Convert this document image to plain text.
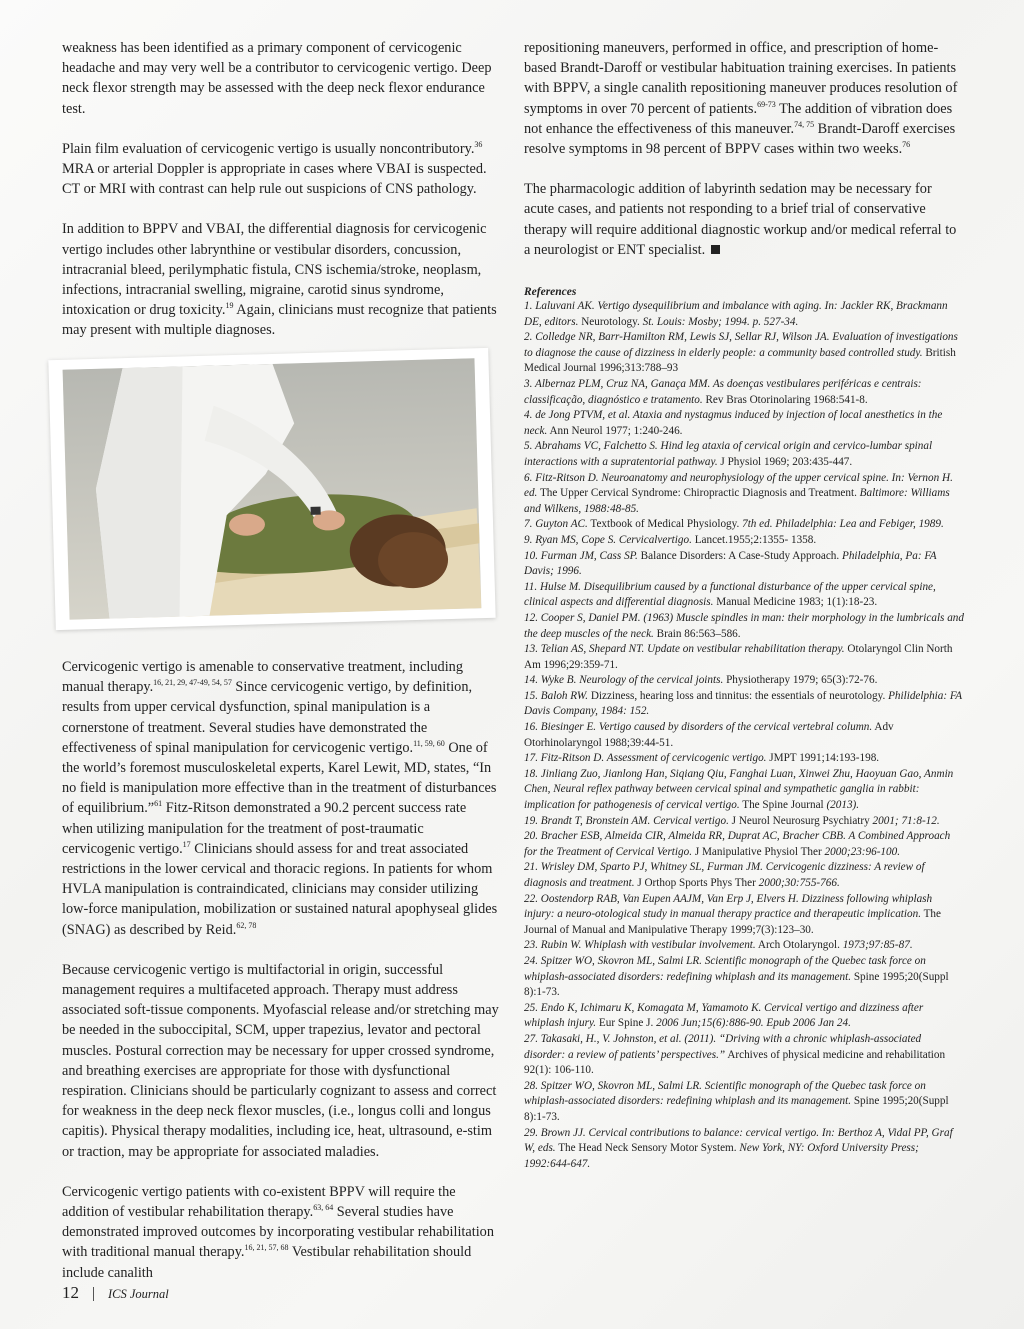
weakness has been identified as a primary component of cervicogenic headache and may very well be a contributor to cervicogenic vertigo. Deep neck flexor strength may be assessed with the deep neck flexor endurance test.

Plain film evaluation of cervicogenic vertigo is usually noncontributory.$^{36}$ MRA or arterial Doppler is appropriate in cases where VBAI is suspected. CT or MRI with contrast can help rule out suspicions of CNS pathology.

In addition to BPPV and VBAI, the differential diagnosis for cervicogenic vertigo includes other labrynthine or vestibular disorders, concussion, intracranial bleed, perilymphatic fistula, CNS ischemia/stroke, neoplasm, infections, intracranial swelling, migraine, carotid sinus syndrome, intoxication or drug toxicity.$^{19}$ Again, clinicians must recognize that patients may present with multiple diagnoses.

Cervicogenic vertigo is amenable to conservative treatment, including manual therapy.$^{16, 21, 29, 47-49, 54, 57}$ Since cervicogenic vertigo, by definition, results from upper cervical dysfunction, spinal manipulation is a cornerstone of treatment. Several studies have demonstrated the effectiveness of spinal manipulation for cervicogenic vertigo.$^{11, 59, 60}$ One of the world’s foremost musculoskeletal experts, Karel Lewit, MD, states, “In no field is manipulation more effective than in the treatment of disturbances of equilibrium.”$^{61}$ Fitz-Ritson demonstrated a 90.2 percent success rate when utilizing manipulation for the treatment of post-traumatic cervicogenic vertigo.$^{17}$ Clinicians should assess for and treat associated restrictions in the lower cervical and thoracic regions. In patients for whom HVLA manipulation is contraindicated, clinicians may consider utilizing low-force manipulation, mobilization or sustained natural apophyseal glides (SNAG) as described by Reid.$^{62, 78}$

Because cervicogenic vertigo is multifactorial in origin, successful management requires a multifaceted approach. Therapy must address associated soft-tissue components. Myofascial release and/or stretching may be needed in the suboccipital, SCM, upper trapezius, levator and pectoral muscles. Postural correction may be necessary for upper crossed syndrome, and breathing exercises are appropriate for those with dysfunctional respiration. Clinicians should be particularly cognizant to assess and correct for weakness in the deep neck flexor muscles, (i.e., longus colli and longus capitis). Physical therapy modalities, including ice, heat, ultrasound, e-stim or traction, may be appropriate for associated maladies.

Cervicogenic vertigo patients with co-existent BPPV will require the addition of vestibular rehabilitation therapy.$^{63, 64}$ Several studies have demonstrated improved outcomes by incorporating vestibular rehabilitation with traditional manual therapy.$^{16, 21, 57, 68}$ Vestibular rehabilitation should include canalith

repositioning maneuvers, performed in office, and prescription of home-based Brandt-Daroff or vestibular habituation training exercises. In patients with BPPV, a single canalith repositioning maneuver produces resolution of symptoms in over 70 percent of patients.$^{69-73}$ The addition of vibration does not enhance the effectiveness of this maneuver.$^{74, 75}$ Brandt-Daroff exercises resolve symptoms in 98 percent of BPPV cases within two weeks.$^{76}$

The pharmacologic addition of labyrinth sedation may be necessary for acute cases, and patients not responding to a brief trial of conservative therapy will require additional diagnostic workup and/or medical referral to a neurologist or ENT specialist.

References

1. Laluvani AK. Vertigo dysequilibrium and imbalance with aging. In: Jackler RK, Brackmann DE, editors. Neurotology. St. Louis: Mosby; 1994. p. 527-34.

2. Colledge NR, Barr-Hamilton RM, Lewis SJ, Sellar RJ, Wilson JA. Evaluation of investigations to diagnose the cause of dizziness in elderly people: a community based controlled study. British Medical Journal 1996;313:788–93

3. Albernaz PLM, Cruz NA, Ganaça MM. As doenças vestibulares periféricas e centrais: classificação, diagnóstico e tratamento. Rev Bras Otorinolaring 1968:541-8.

4. de Jong PTVM, et al. Ataxia and nystagmus induced by injection of local anesthetics in the neck. Ann Neurol 1977; 1:240-246.

5. Abrahams VC, Falchetto S. Hind leg ataxia of cervical origin and cervico-lumbar spinal interactions with a supratentorial pathway. J Physiol 1969; 203:435-447.

6. Fitz-Ritson D. Neuroanatomy and neurophysiology of the upper cervical spine. In: Vernon H. ed. The Upper Cervical Syndrome: Chiropractic Diagnosis and Treatment. Baltimore: Williams and Wilkens, 1988:48-85.

7. Guyton AC. Textbook of Medical Physiology. 7th ed. Philadelphia: Lea and Febiger, 1989.

9. Ryan MS, Cope S. Cervicalvertigo. Lancet.1955;2:1355- 1358.

10. Furman JM, Cass SP. Balance Disorders: A Case-Study Approach. Philadelphia, Pa: FA Davis; 1996.

11. Hulse M. Disequilibrium caused by a functional disturbance of the upper cervical spine, clinical aspects and differential diagnosis. Manual Medicine 1983; 1(1):18-23.

12. Cooper S, Daniel PM. (1963) Muscle spindles in man: their morphology in the lumbricals and the deep muscles of the neck. Brain 86:563–586.

13. Telian AS, Shepard NT. Update on vestibular rehabilitation therapy. Otolaryngol Clin North Am 1996;29:359-71.

14. Wyke B. Neurology of the cervical joints. Physiotherapy 1979; 65(3):72-76.

15. Baloh RW. Dizziness, hearing loss and tinnitus: the essentials of neurotology. Philidelphia: FA Davis Company, 1984: 152.

16. Biesinger E. Vertigo caused by disorders of the cervical vertebral column. Adv Otorhinolaryngol 1988;39:44-51.

17. Fitz-Ritson D. Assessment of cervicogenic vertigo. JMPT 1991;14:193-198.

18. Jinliang Zuo, Jianlong Han, Siqiang Qiu, Fanghai Luan, Xinwei Zhu, Haoyuan Gao, Anmin Chen, Neural reflex pathway between cervical spinal and sympathetic ganglia in rabbit: implication for pathogenesis of cervical vertigo. The Spine Journal (2013).

19. Brandt T, Bronstein AM. Cervical vertigo. J Neurol Neurosurg Psychiatry 2001; 71:8-12.

20. Bracher ESB, Almeida CIR, Almeida RR, Duprat AC, Bracher CBB. A Combined Approach for the Treatment of Cervical Vertigo. J Manipulative Physiol Ther 2000;23:96-100.

21. Wrisley DM, Sparto PJ, Whitney SL, Furman JM. Cervicogenic dizziness: A review of diagnosis and treatment. J Orthop Sports Phys Ther 2000;30:755-766.

22. Oostendorp RAB, Van Eupen AAJM, Van Erp J, Elvers H. Dizziness following whiplash injury: a neuro-otological study in manual therapy practice and therapeutic implication. The Journal of Manual and Manipulative Therapy 1999;7(3):123–30.

23. Rubin W. Whiplash with vestibular involvement. Arch Otolaryngol. 1973;97:85-87.

24. Spitzer WO, Skovron ML, Salmi LR. Scientific monograph of the Quebec task force on whiplash-associated disorders: redefining whiplash and its management. Spine 1995;20(Suppl 8):1-73.

25. Endo K, Ichimaru K, Komagata M, Yamamoto K. Cervical vertigo and dizziness after whiplash injury. Eur Spine J. 2006 Jun;15(6):886-90. Epub 2006 Jan 24.

27. Takasaki, H., V. Johnston, et al. (2011). “Driving with a chronic whiplash-associated disorder: a review of patients’ perspectives.” Archives of physical medicine and rehabilitation 92(1): 106-110.

28. Spitzer WO, Skovron ML, Salmi LR. Scientific monograph of the Quebec task force on whiplash-associated disorders: redefining whiplash and its management. Spine 1995;20(Suppl 8):1-73.

29. Brown JJ. Cervical contributions to balance: cervical vertigo. In: Berthoz A, Vidal PP, Graf W, eds. The Head Neck Sensory Motor System. New York, NY: Oxford University Press; 1992:644-647.

12 ICS Journal
